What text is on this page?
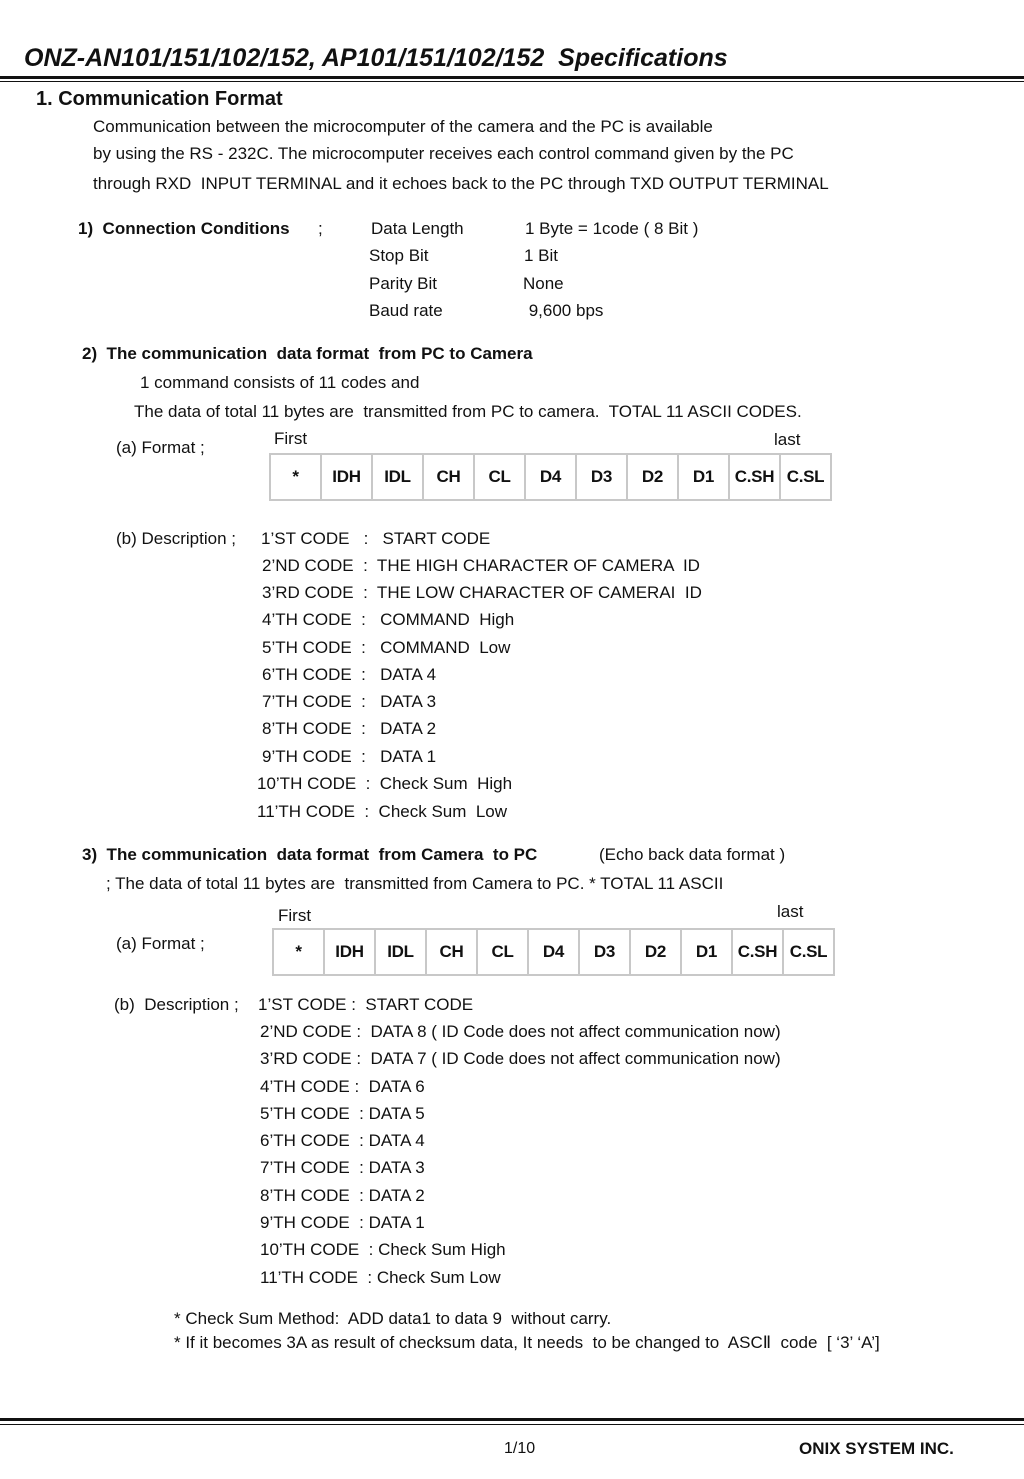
ONZ-AN101/151/102/152, AP101/151/102/152  Specifications
1. Communication Format
Communication between the microcomputer of the camera and the PC is available
by using the RS - 232C. The microcomputer receives each control command given by the PC
through RXD  INPUT TERMINAL and it echoes back to the PC through TXD OUTPUT TERMINAL
1)  Connection Conditions ;	Data Length	1 Byte = 1code ( 8 Bit )
Stop Bit	1 Bit
Parity Bit	None
Baud rate	9,600 bps
2)  The communication  data format  from PC to Camera
1 command consists of 11 codes and
The data of total 11 bytes are  transmitted from PC to camera.  TOTAL 11 ASCII CODES.
(a) Format ;	First	last
*	IDH	IDL	CH	CL	D4	D3	D2	D1	C.SH	C.SL
(b) Description ; 1’ST CODE   :   START CODE
2’ND CODE  :  THE HIGH CHARACTER OF CAMERA  ID
3’RD CODE  :  THE LOW CHARACTER OF CAMERAI  ID
4’TH CODE  :   COMMAND  High
5’TH CODE  :   COMMAND  Low
6’TH CODE  :   DATA 4
7’TH CODE  :   DATA 3
8’TH CODE  :   DATA 2
9’TH CODE  :   DATA 1
10’TH CODE  :  Check Sum  High
11’TH CODE  :  Check Sum  Low
3)  The communication  data format  from Camera  to PC	(Echo back data format )
; The data of total 11 bytes are  transmitted from Camera to PC. * TOTAL 11 ASCII
(a) Format ;
First	last
*	IDH	IDL	CH	CL	D4	D3	D2	D1	C.SH	C.SL
(b)  Description ; 1’ST CODE :  START CODE
2’ND CODE :  DATA 8 ( ID Code does not affect communication now)
3’RD CODE :  DATA 7 ( ID Code does not affect communication now)
4’TH CODE :  DATA 6
5’TH CODE  : DATA 5
6’TH CODE  : DATA 4
7’TH CODE  : DATA 3
8’TH CODE  : DATA 2
9’TH CODE  : DATA 1
10’TH CODE  : Check Sum High
11’TH CODE  : Check Sum Low
* Check Sum Method:  ADD data1 to data 9  without carry.
* If it becomes 3A as result of checksum data, It needs  to be changed to  ASCⅡ  code  [ ‘3’ ‘A’]
1/10	ONIX SYSTEM INC.
